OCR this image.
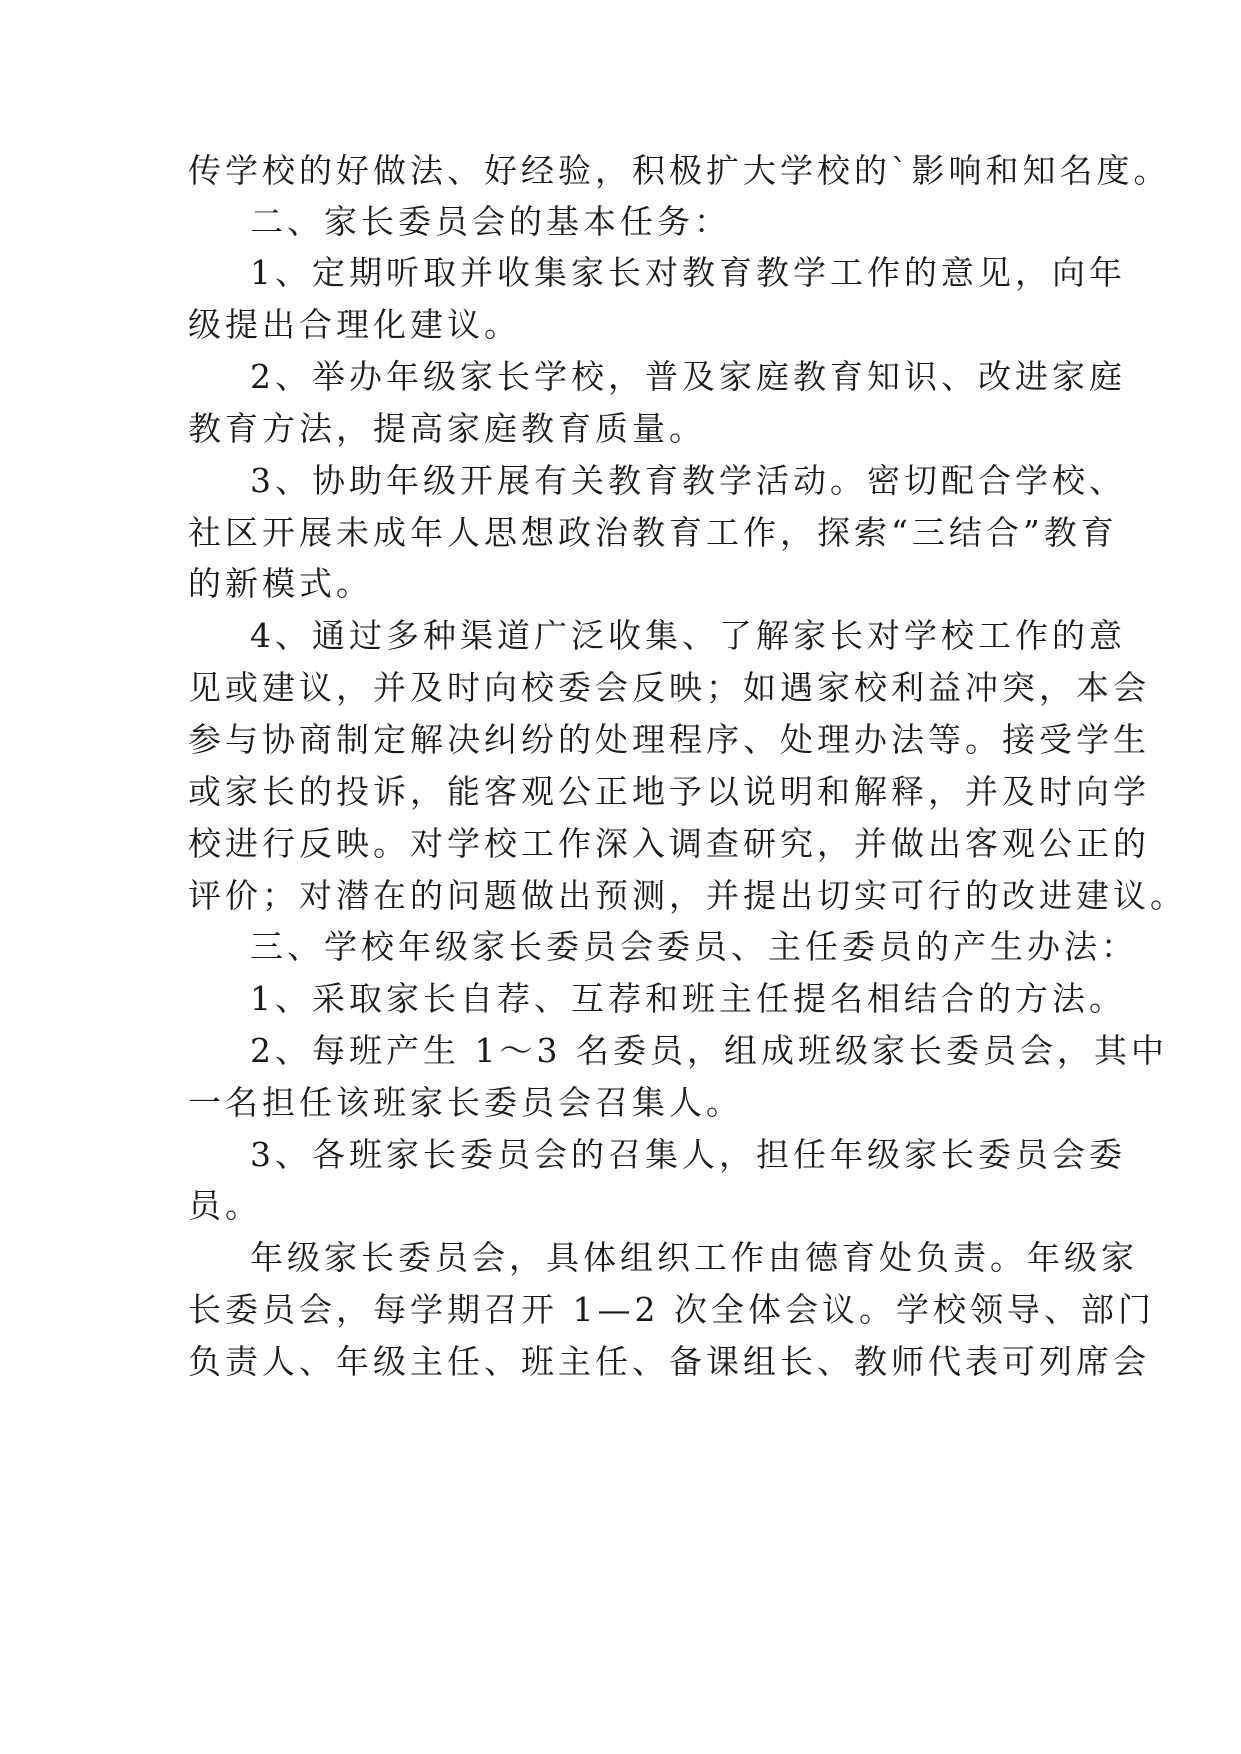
传学校的好做法、好经验，积极扩大学校的`影响和知名度。
二、家长委员会的基本任务：
1、定期听取并收集家长对教育教学工作的意见，向年
级提出合理化建议。
2、举办年级家长学校，普及家庭教育知识、改进家庭
教育方法，提高家庭教育质量。
3、协助年级开展有关教育教学活动。密切配合学校、
社区开展未成年人思想政治教育工作，探索“三结合”教育
的新模式。
4、通过多种渠道广泛收集、了解家长对学校工作的意
见或建议，并及时向校委会反映；如遇家校利益冲突，本会
参与协商制定解决纠纷的处理程序、处理办法等。接受学生
或家长的投诉，能客观公正地予以说明和解释，并及时向学
校进行反映。对学校工作深入调查研究，并做出客观公正的
评价；对潜在的问题做出预测，并提出切实可行的改进建议。
三、学校年级家长委员会委员、主任委员的产生办法：
1、采取家长自荐、互荐和班主任提名相结合的方法。
2、每班产生 1～3 名委员，组成班级家长委员会，其中
一名担任该班家长委员会召集人。
3、各班家长委员会的召集人，担任年级家长委员会委
员。
年级家长委员会，具体组织工作由德育处负责。年级家
长委员会，每学期召开 1—2 次全体会议。学校领导、部门
负责人、年级主任、班主任、备课组长、教师代表可列席会
